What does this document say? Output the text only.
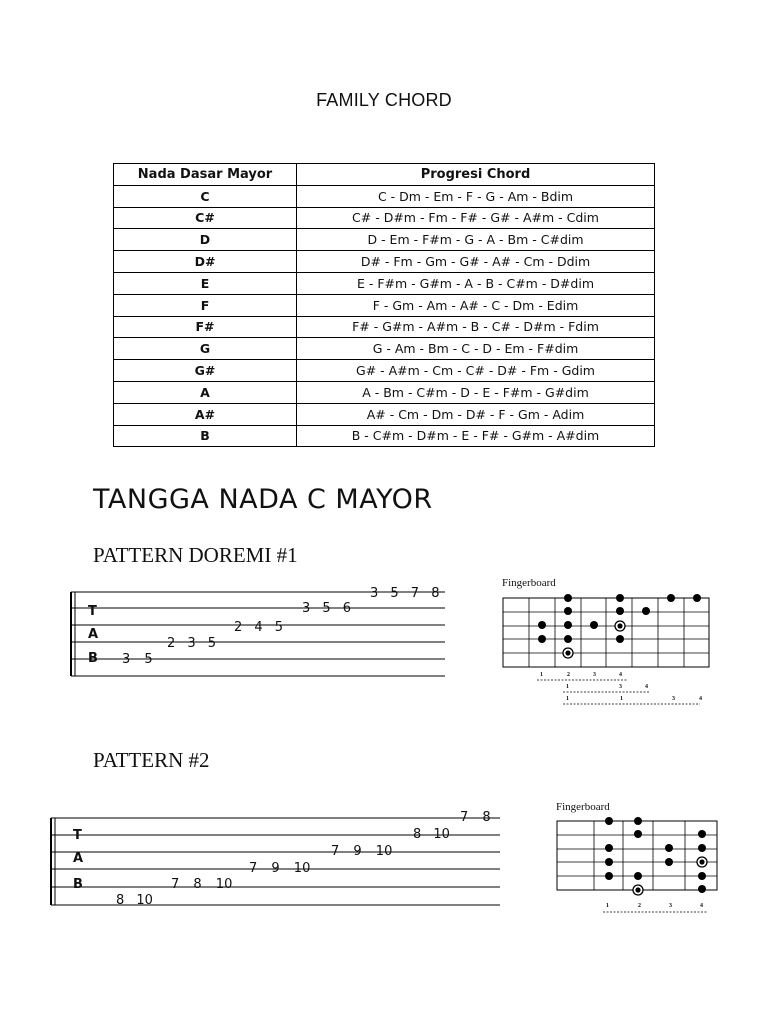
FAMILY CHORD
Nada Dasar Mayor	Progresi Chord
C	C - Dm - Em - F - G - Am - Bdim
C#	C# - D#m - Fm - F# - G# - A#m - Cdim
D	D - Em - F#m - G - A - Bm - C#dim
D#	D# - Fm - Gm - G# - A# - Cm - Ddim
E	E - F#m - G#m - A - B - C#m - D#dim
F	F - Gm - Am - A# - C - Dm - Edim
F#	F# - G#m - A#m - B - C# - D#m - Fdim
G	G - Am - Bm - C - D - Em - F#dim
G#	G# - A#m - Cm - C# - D# - Fm - Gdim
A	A - Bm - C#m - D - E - F#m - G#dim
A#	A# - Cm - Dm - D# - F - Gm - Adim
B	B - C#m - D#m - E - F# - G#m - A#dim
TANGGA NADA C MAYOR
PATTERN DOREMI #1
PATTERN #2
T
A
B
3 5 7 8
3 5 6
2 4 5
2 3 5
3 5
Fingerboard
1	2	3	4
1	3	4
1	1	3	4
T
A
B
7 8
8 10
7 9 10
7 9 10
7 8 10
8 10
Fingerboard
1	2	3	4
